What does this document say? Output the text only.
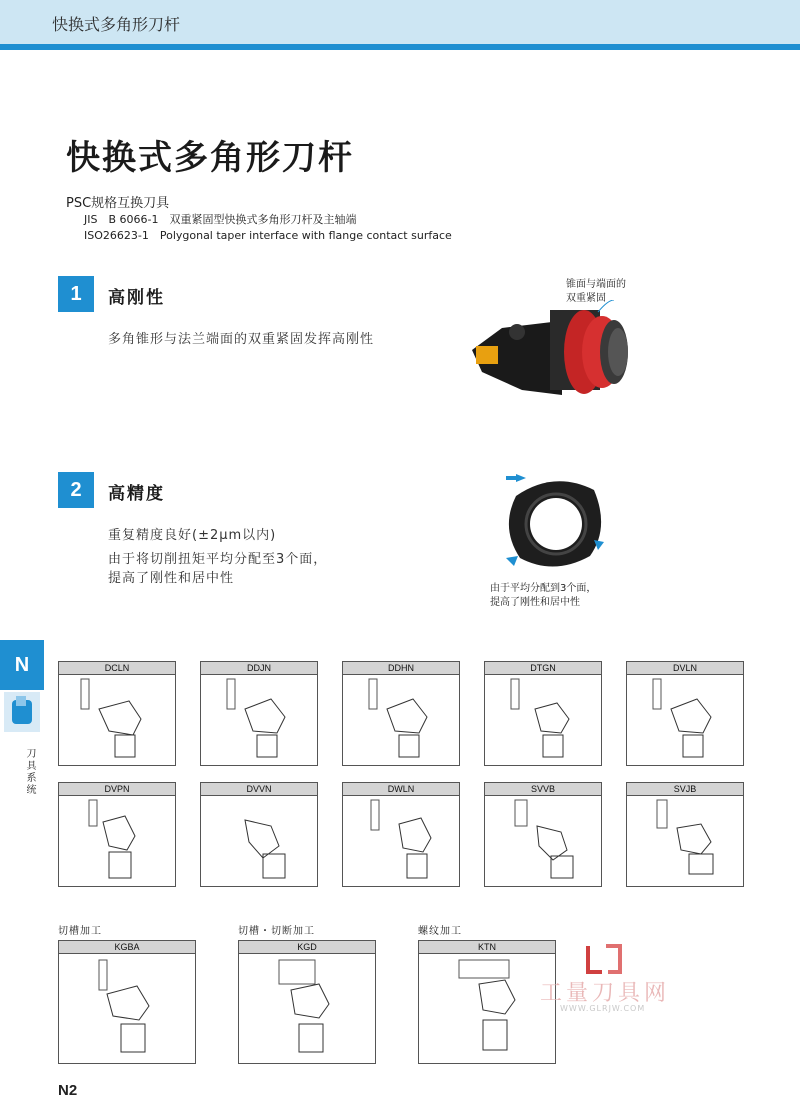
快换式多角形刀杆
快换式多角形刀杆
PSC规格互换刀具
JIS　B 6066-1　双重紧固型快换式多角形刀杆及主轴端
ISO26623-1　Polygonal taper interface with flange contact surface
1	高刚性
多角锥形与法兰端面的双重紧固发挥高刚性
锥面与端面的
双重紧固
2	高精度
重复精度良好(±2μm以内)
由于将切削扭矩平均分配至3个面，
提高了刚性和居中性
由于平均分配到3个面，
提高了刚性和居中性
N
刀具系统
DCLN	DDJN	DDHN	DTGN	DVLN
DVPN	DVVN	DWLN	SVVB	SVJB
切槽加工	切槽・切断加工	螺纹加工
KGBA	KGD	KTN
工量刀具网
WWW.GLRJW.COM
N2
